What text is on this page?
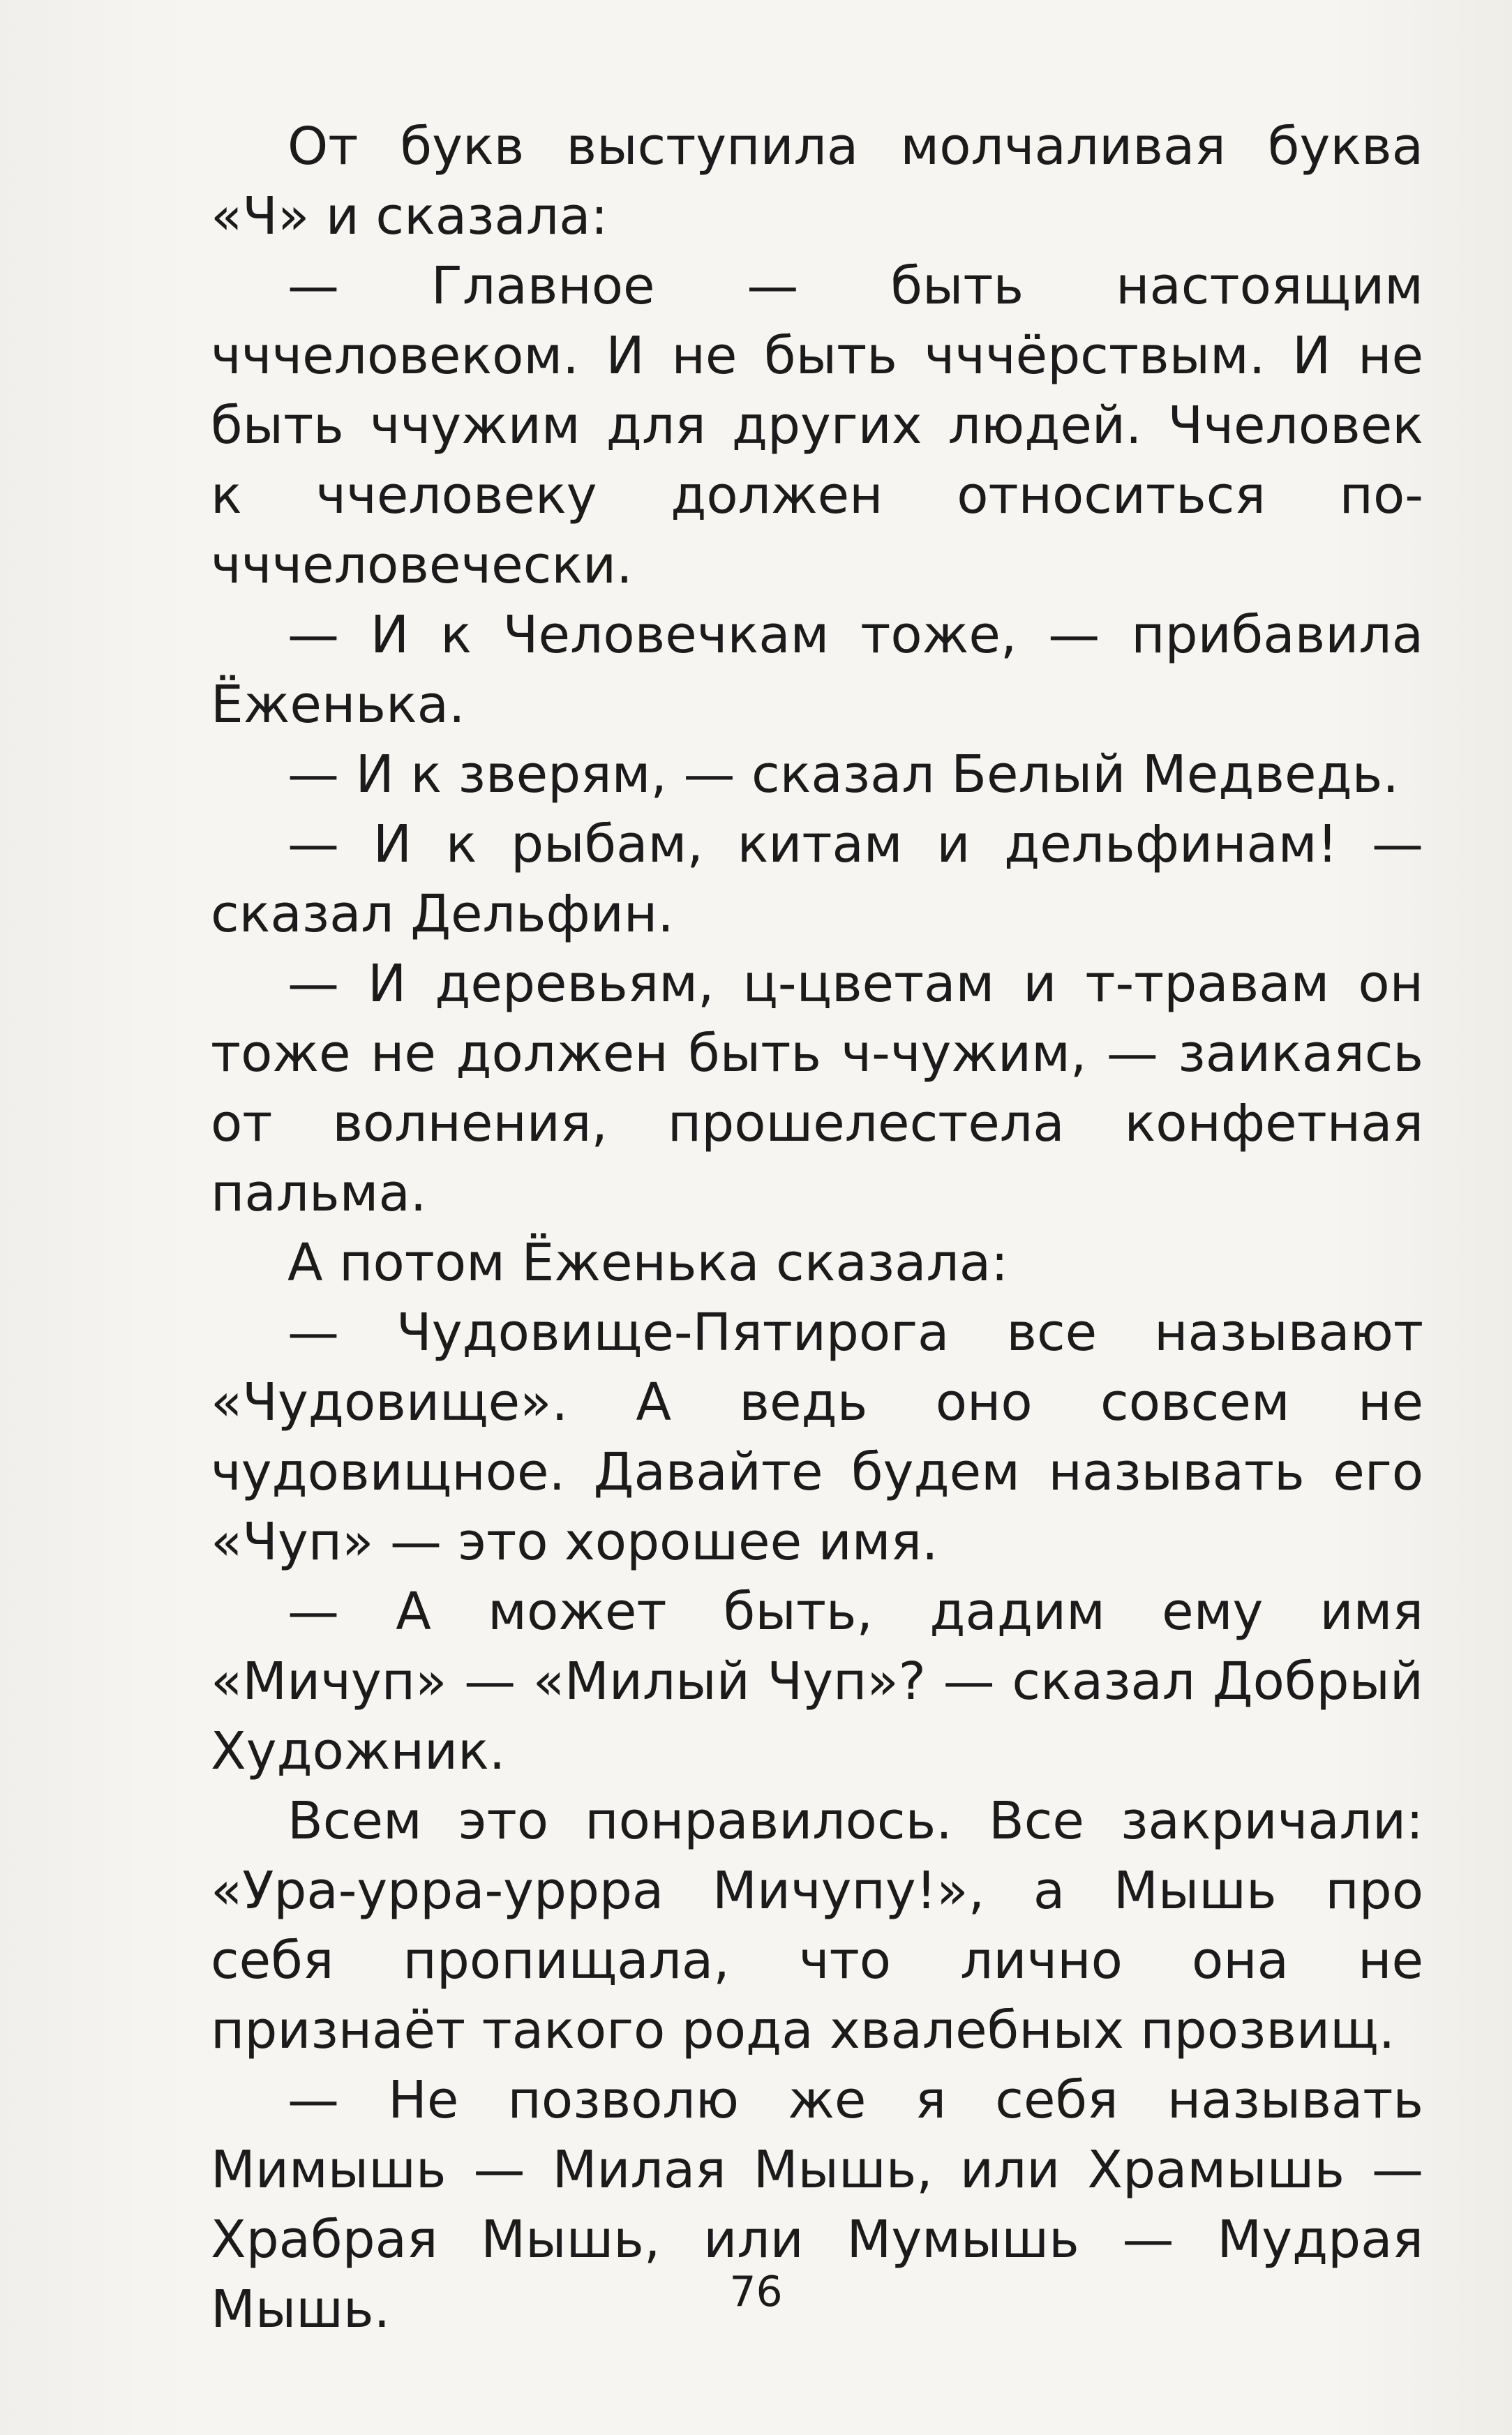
От букв выступила молчаливая буква «Ч» и сказала:

— Главное — быть настоящим чччеловеком. И не быть чччёрствым. И не быть ччужим для других людей. Ччеловек к ччеловеку должен относиться по-чччеловечески.

— И к Человечкам тоже, — прибавила Ёженька.

— И к зверям, — сказал Белый Медведь.

— И к рыбам, китам и дельфинам! — сказал Дельфин.

— И деревьям, ц-цветам и т-травам он тоже не должен быть ч-чужим, — заикаясь от волнения, прошелестела конфетная пальма.

А потом Ёженька сказала:

— Чудовище-Пятирога все называют «Чудовище». А ведь оно совсем не чудовищное. Давайте будем называть его «Чуп» — это хорошее имя.

— А может быть, дадим ему имя «Мичуп» — «Милый Чуп»? — сказал Добрый Художник.

Всем это понравилось. Все закричали: «Ура-урра-уррра Мичупу!», а Мышь про себя пропищала, что лично она не признаёт такого рода хвалебных прозвищ.

— Не позволю же я себя называть Мимышь — Милая Мышь, или Храмышь — Храбрая Мышь, или Мумышь — Мудрая Мышь.	76
